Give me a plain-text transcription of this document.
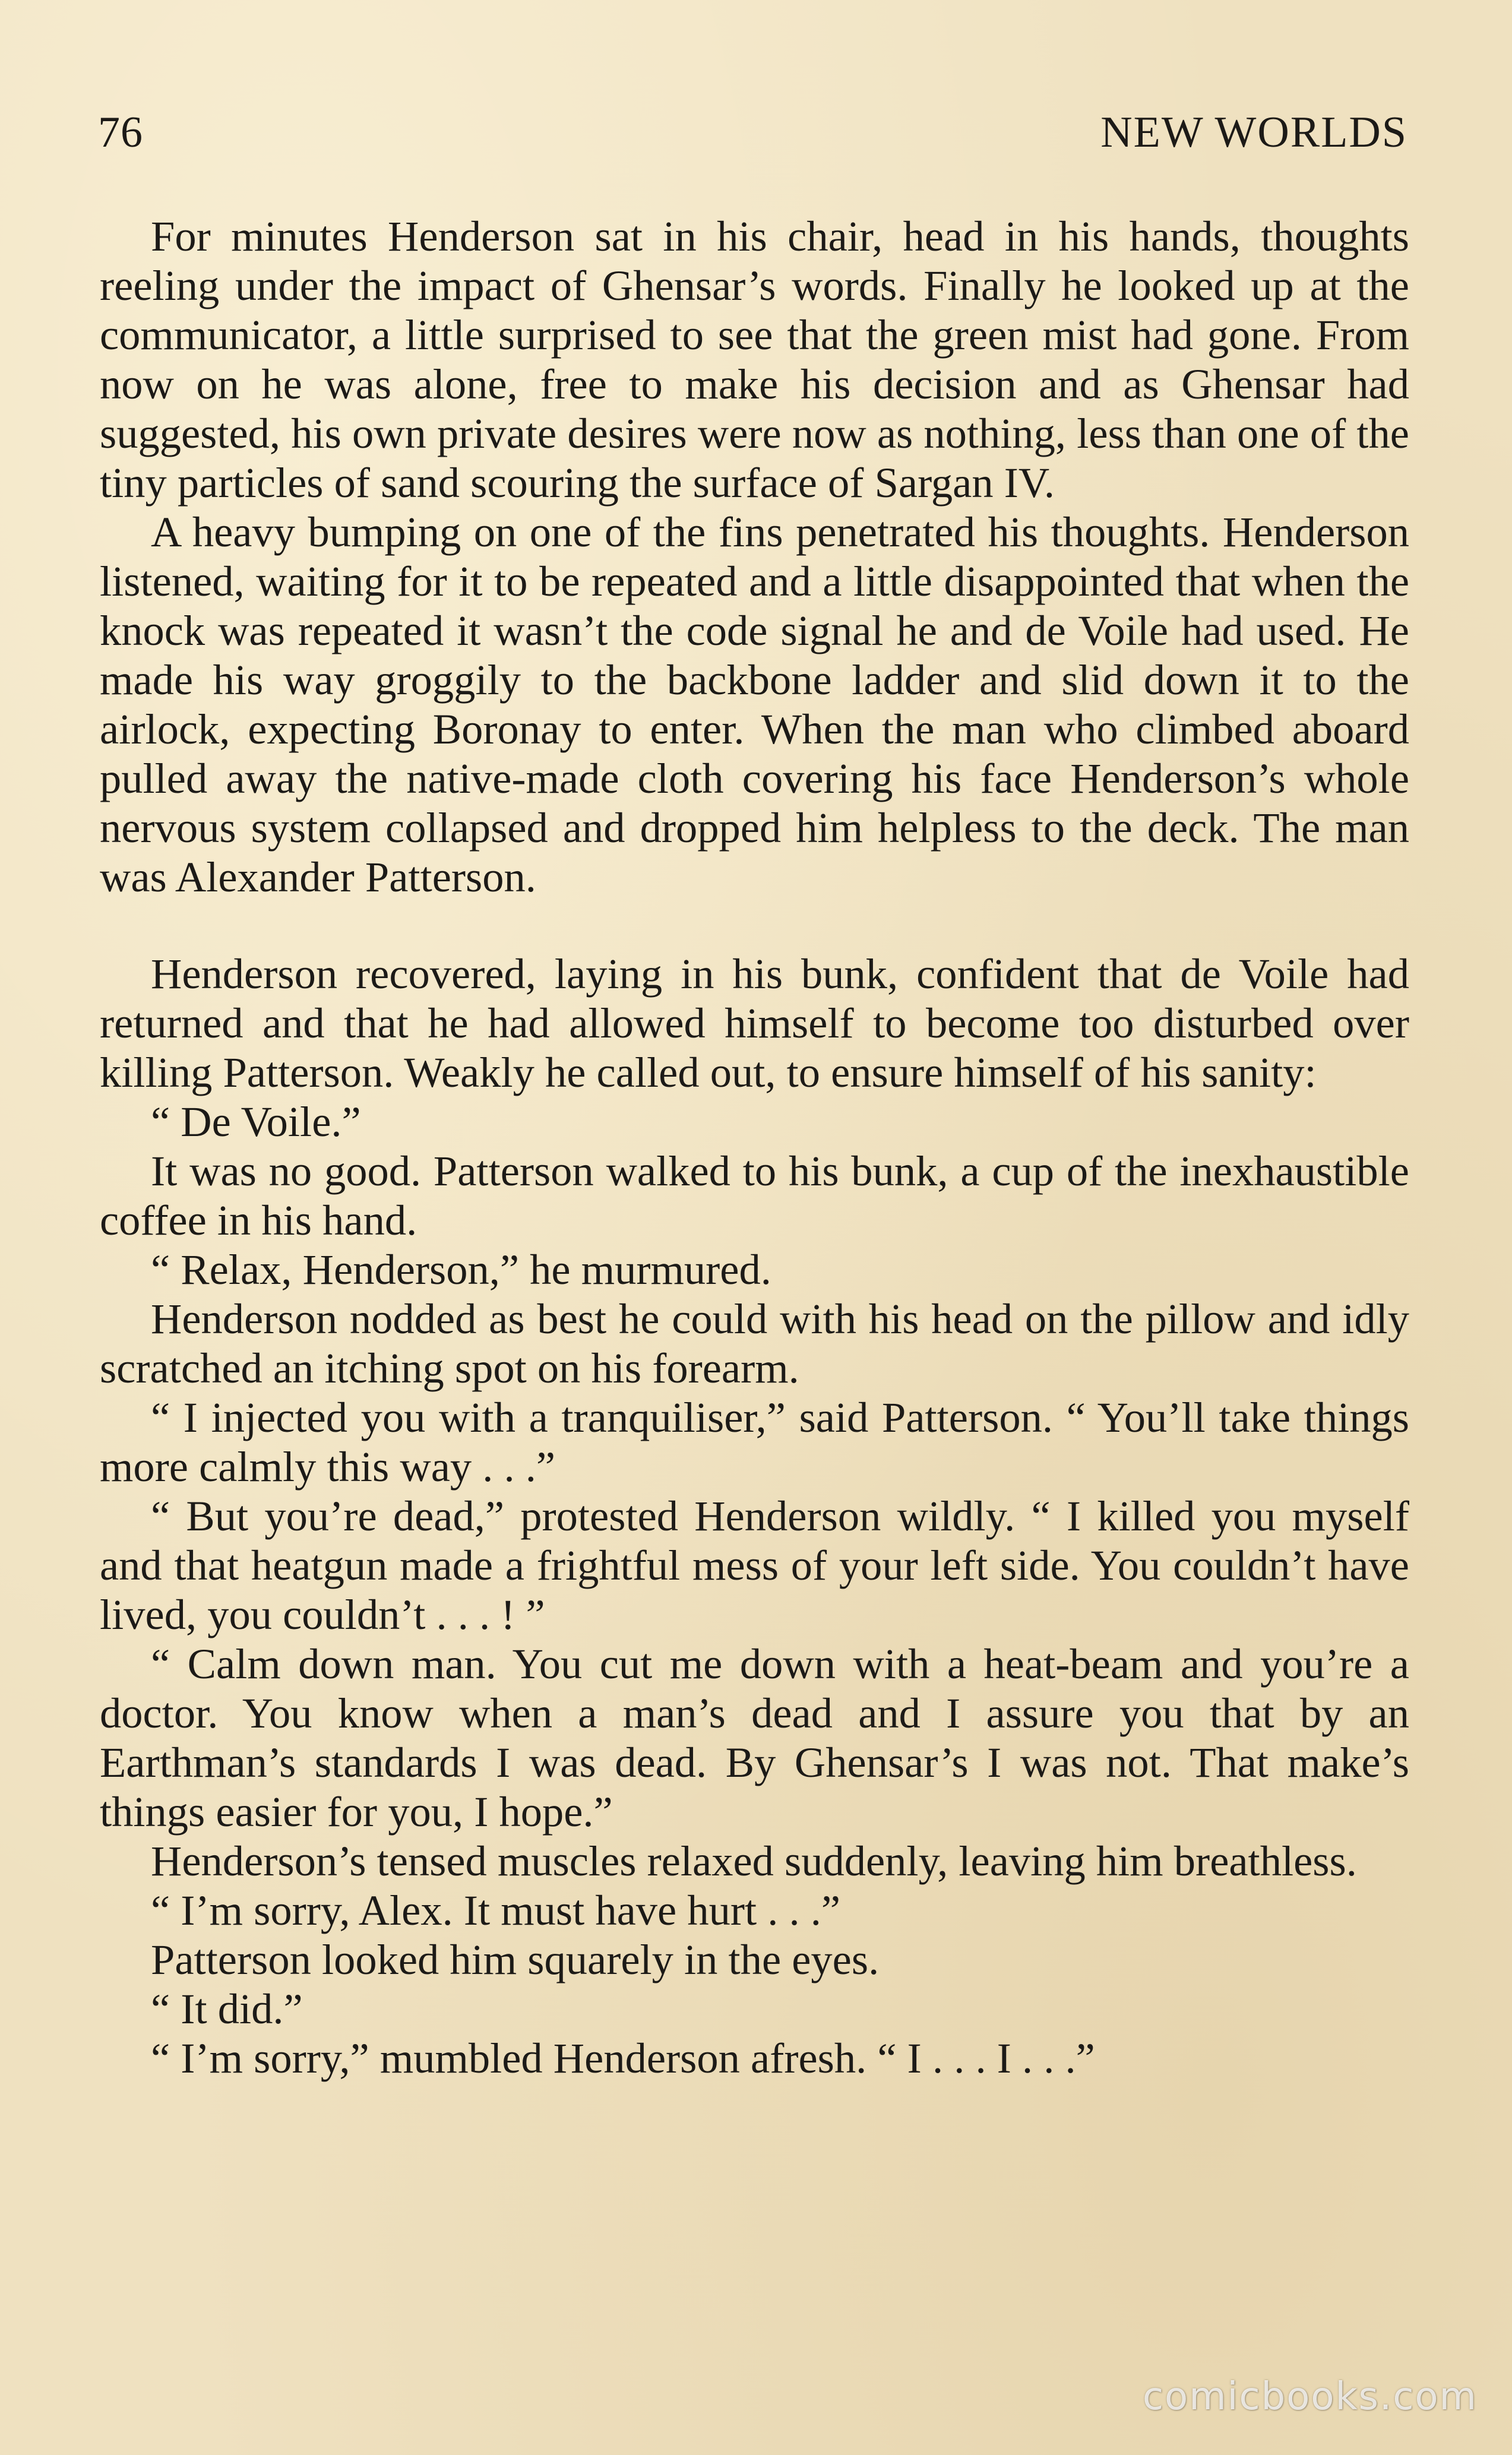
76	NEW WORLDS

For minutes Henderson sat in his chair, head in his hands, thoughts reeling under the impact of Ghensar’s words. Finally he looked up at the communicator, a little surprised to see that the green mist had gone. From now on he was alone, free to make his decision and as Ghensar had suggested, his own private desires were now as nothing, less than one of the tiny particles of sand scouring the surface of Sargan IV.

A heavy bumping on one of the fins penetrated his thoughts. Henderson listened, waiting for it to be repeated and a little disappointed that when the knock was repeated it wasn’t the code signal he and de Voile had used. He made his way groggily to the backbone ladder and slid down it to the airlock, expecting Boronay to enter. When the man who climbed aboard pulled away the native-made cloth covering his face Henderson’s whole nervous system collapsed and dropped him helpless to the deck. The man was Alexander Patterson.

Henderson recovered, laying in his bunk, confident that de Voile had returned and that he had allowed himself to become too disturbed over killing Patterson. Weakly he called out, to ensure himself of his sanity:

“ De Voile.”

It was no good. Patterson walked to his bunk, a cup of the inexhaustible coffee in his hand.

“ Relax, Henderson,” he murmured.

Henderson nodded as best he could with his head on the pillow and idly scratched an itching spot on his forearm.

“ I injected you with a tranquiliser,” said Patterson. “ You’ll take things more calmly this way . . .”

“ But you’re dead,” protested Henderson wildly. “ I killed you myself and that heatgun made a frightful mess of your left side. You couldn’t have lived, you couldn’t . . . ! ”

“ Calm down man. You cut me down with a heat-beam and you’re a doctor. You know when a man’s dead and I assure you that by an Earthman’s standards I was dead. By Ghensar’s I was not. That make’s things easier for you, I hope.”

Henderson’s tensed muscles relaxed suddenly, leaving him breathless.

“ I’m sorry, Alex. It must have hurt . . .”

Patterson looked him squarely in the eyes.

“ It did.”

“ I’m sorry,” mumbled Henderson afresh. “ I . . . I . . .”

comicbooks.com
